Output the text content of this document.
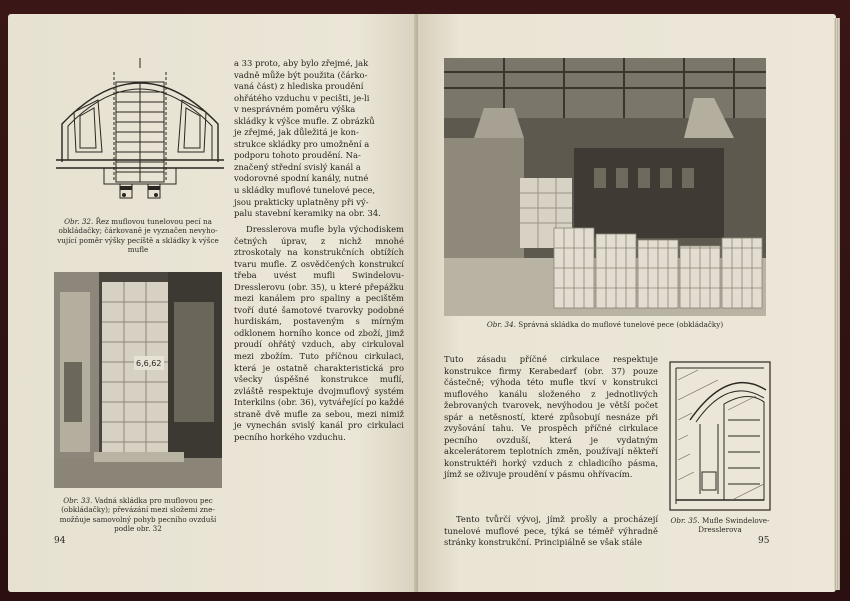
Obr. 32. Řez muflovou tunelovou pecí na
obkládačky; čárkovaně je vyznačen nevyho-
vující poměr výšky pecíště a skládky k výšce
mufle
6,6,62
Obr. 33. Vadná skládka pro muflovou pec
(obkládačky); převázání mezi složemi zne-
možňuje samovolný pohyb pecního ovzduší
podle obr. 32
a 33 proto, aby bylo zřejmé, jak
vadně může být použita (čárko-
vaná část) z hlediska proudění
ohřátého vzduchu v pecišti, je-li
v nesprávném poměru výška
skládky k výšce mufle. Z obrázků
je zřejmé, jak důležitá je kon-
strukce skládky pro umožnění a
podporu tohoto proudění. Na-
značený střední svislý kanál a
vodorovné spodní kanály, nutné
u skládky muflové tunelové pece,
jsou prakticky uplatněny při vý-
palu stavební keramiky na obr. 34.

Dresslerova mufle byla východiskem četných úprav, z nichž mnohé ztroskotaly na konstrukčních obtížích tvaru mufle. Z osvědčených konstrukcí třeba uvést mufli Swindelovu-Dresslerovu (obr. 35), u které přepážku mezi kanálem pro spaliny a pecištěm tvoří duté šamotové tvarovky podobné hurdiskám, postaveným s mírným odklonem horního konce od zboží, jimž proudí ohřátý vzduch, aby cirkuloval mezi zbožím. Tuto příčnou cirkulaci, která je ostatně charakteristická pro všecky úspěšné konstrukce muflí, zvláště respektuje dvojmuflový systém Interkilns (obr. 36), vytvářející po každé straně dvě mufle za sebou, mezi nimiž je vynechán svislý kanál pro cirkulaci pecního horkého vzduchu.

94
Obr. 34. Správná skládka do muflové tunelové pece (obkládačky)

Tuto zásadu příčné cirkulace respektuje konstrukce firmy Kerabedarf (obr. 37) pouze částečně; výhoda této mufle tkví v konstrukci muflového kanálu složeného z jednotlivých žebrovaných tvarovek, nevýhodou je větší počet spár a netěsností, které způsobují nesnáze při zvyšování tahu. Ve prospěch příčné cirkulace pecního ovzduší, která je vydatným akcelerátorem teplotních změn, používají někteří konstruktéři horký vzduch z chladicího pásma, jímž se oživuje proudění v pásmu ohřívacím.

Tento tvůrčí vývoj, jímž prošly a procházejí tunelové muflové pece, týká se téměř výhradně stránky konstrukční. Principiálně se však stále

Obr. 35. Mufle Swindelove-
Dresslerova
95
